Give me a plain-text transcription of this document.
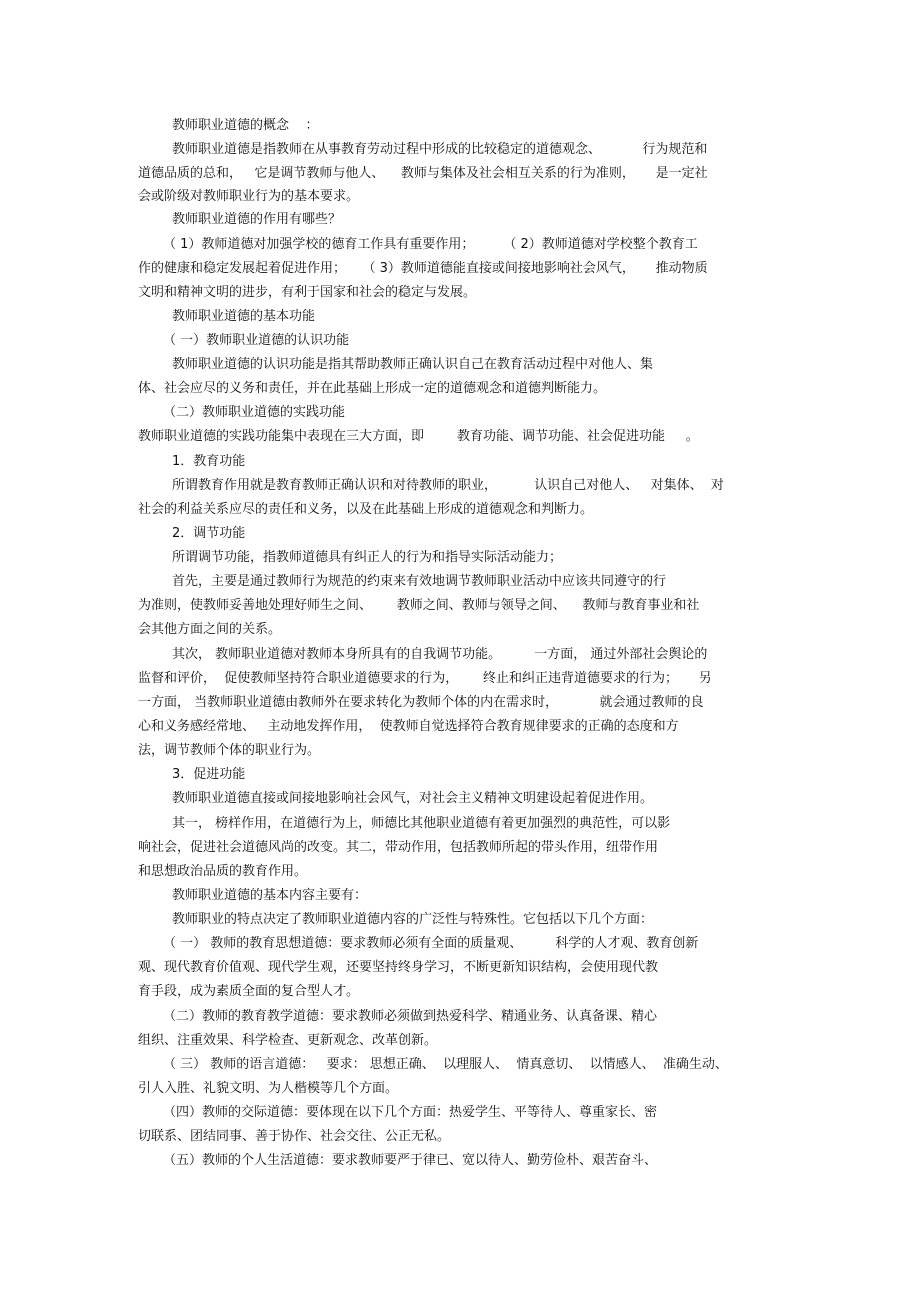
教师职业道德的概念    ：
教师职业道德是指教师在从事教育劳动过程中形成的比较稳定的道德观念、          行为规范和
道德品质的总和，   它是调节教师与他人、    教师与集体及社会相互关系的行为准则，     是一定社
会或阶级对教师职业行为的基本要求。
教师职业道德的作用有哪些？
（ 1）教师道德对加强学校的德育工作具有重要作用；       （ 2）教师道德对学校整个教育工
作的健康和稳定发展起着促进作用；    （ 3）教师道德能直接或间接地影响社会风气，     推动物质
文明和精神文明的进步，有利于国家和社会的稳定与发展。
教师职业道德的基本功能
（ 一）教师职业道德的认识功能
教师职业道德的认识功能是指其帮助教师正确认识自己在教育活动过程中对他人、集
体、社会应尽的义务和责任，并在此基础上形成一定的道德观念和道德判断能力。
（二）教师职业道德的实践功能
教师职业道德的实践功能集中表现在三大方面，即        教育功能、调节功能、社会促进功能     。
1．教育功能
所谓教育作用就是教育教师正确认识和对待教师的职业，         认识自己对他人、   对集体、  对
社会的利益关系应尽的责任和义务，以及在此基础上形成的道德观念和判断力。
2．调节功能
所谓调节功能，指教师道德具有纠正人的行为和指导实际活动能力；
首先，主要是通过教师行为规范的约束来有效地调节教师职业活动中应该共同遵守的行
为准则，使教师妥善地处理好师生之间、      教师之间、教师与领导之间、    教师与教育事业和社
会其他方面之间的关系。
其次， 教师职业道德对教师本身所具有的自我调节功能。        一方面， 通过外部社会舆论的
监督和评价，  促使教师坚持符合职业道德要求的行为，      终止和纠正违背道德要求的行为；     另
一方面， 当教师职业道德由教师外在要求转化为教师个体的内在需求时，          就会通过教师的良
心和义务感经常地、   主动地发挥作用，  使教师自觉选择符合教育规律要求的正确的态度和方
法，调节教师个体的职业行为。
3．促进功能
教师职业道德直接或间接地影响社会风气，对社会主义精神文明建设起着促进作用。
其一， 榜样作用，在道德行为上，师德比其他职业道德有着更加强烈的典范性，可以影
响社会，促进社会道德风尚的改变。其二，带动作用，包括教师所起的带头作用，纽带作用
和思想政治品质的教育作用。
教师职业道德的基本内容主要有：
教师职业的特点决定了教师职业道德内容的广泛性与特殊性。它包括以下几个方面：
（ 一） 教师的教育思想道德：要求教师必须有全面的质量观、        科学的人才观、教育创新
观、现代教育价值观、现代学生观，还要坚持终身学习，不断更新知识结构，会使用现代教
育手段，成为素质全面的复合型人才。
（二）教师的教育教学道德：要求教师必须做到热爱科学、精通业务、认真备课、精心
组织、注重效果、科学检查、更新观念、改革创新。
（ 三） 教师的语言道德：   要求： 思想正确、  以理服人、  情真意切、  以情感人、  准确生动、
引人入胜、礼貌文明、为人楷模等几个方面。
（四）教师的交际道德：要体现在以下几个方面：热爱学生、平等待人、尊重家长、密
切联系、团结同事、善于协作、社会交往、公正无私。
（五）教师的个人生活道德：要求教师要严于律已、宽以待人、勤劳俭朴、艰苦奋斗、
